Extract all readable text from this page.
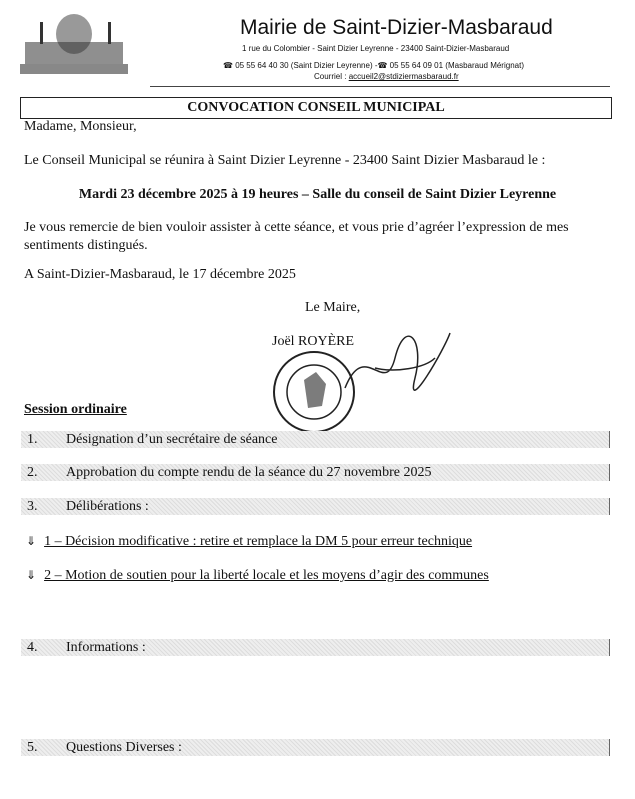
Mairie de Saint-Dizier-Masbaraud
1 rue du Colombier - Saint Dizier Leyrenne - 23400 Saint-Dizier-Masbaraud
☎ 05 55 64 40 30 (Saint Dizier Leyrenne) -☎ 05 55 64 09 01 (Masbaraud Mérignat)
Courriel : accueil2@stdiziermasbaraud.fr
CONVOCATION CONSEIL MUNICIPAL
Madame, Monsieur,
Le Conseil Municipal se réunira à Saint Dizier Leyrenne - 23400 Saint Dizier Masbaraud le :
Mardi 23 décembre 2025 à 19 heures – Salle du conseil de Saint Dizier Leyrenne
Je vous remercie de bien vouloir assister à cette séance, et vous prie d’agréer l’expression de mes
sentiments distingués.
A Saint-Dizier-Masbaraud, le 17 décembre 2025
Le Maire,
Joël ROYÈRE
Session ordinaire
1. Désignation d’un secrétaire de séance
2. Approbation du compte rendu de la séance du 27 novembre 2025
3. Délibérations :
⇓ 1 – Décision modificative : retire et remplace la DM 5 pour erreur technique
⇓ 2 – Motion de soutien pour la liberté locale et les moyens d’agir des communes
4. Informations :
5. Questions Diverses :
